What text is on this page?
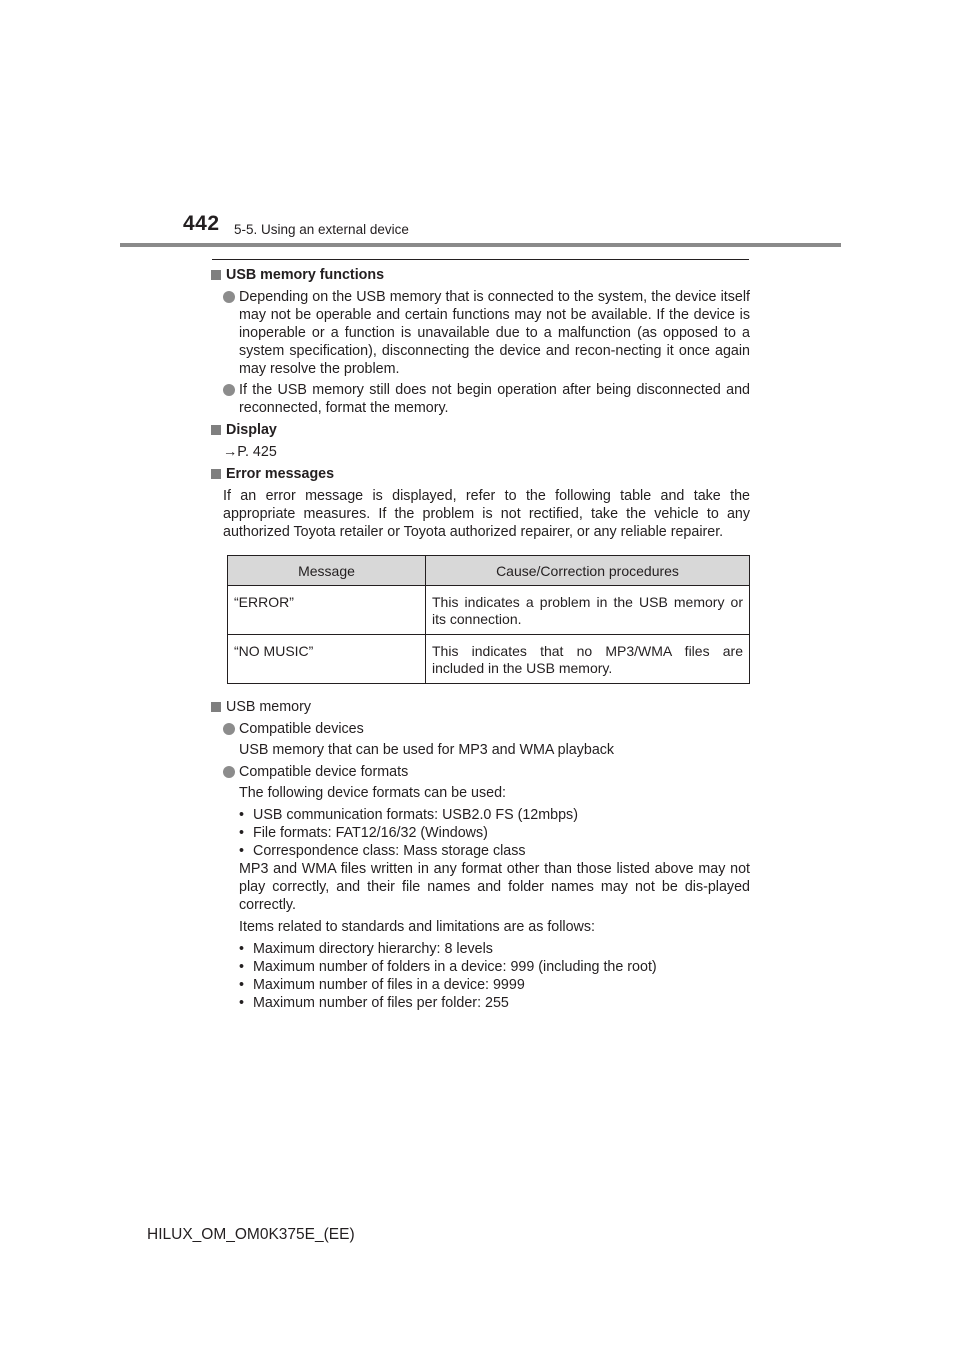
442 5-5. Using an external device
USB memory functions
Depending on the USB memory that is connected to the system, the device itself may not be operable and certain functions may not be available. If the device is inoperable or a function is unavailable due to a malfunction (as opposed to a system specification), disconnecting the device and recon-necting it once again may resolve the problem.
If the USB memory still does not begin operation after being disconnected and reconnected, format the memory.
Display
→P. 425
Error messages
If an error message is displayed, refer to the following table and take the appropriate measures. If the problem is not rectified, take the vehicle to any authorized Toyota retailer or Toyota authorized repairer, or any reliable repairer.
Message	Cause/Correction procedures
“ERROR”	This indicates a problem in the USB memory or its connection.
“NO MUSIC”	This indicates that no MP3/WMA files are included in the USB memory.
USB memory
Compatible devices
USB memory that can be used for MP3 and WMA playback
Compatible device formats
The following device formats can be used:
• USB communication formats: USB2.0 FS (12mbps)
• File formats: FAT12/16/32 (Windows)
• Correspondence class: Mass storage class
MP3 and WMA files written in any format other than those listed above may not play correctly, and their file names and folder names may not be dis-played correctly.
Items related to standards and limitations are as follows:
• Maximum directory hierarchy: 8 levels
• Maximum number of folders in a device: 999 (including the root)
• Maximum number of files in a device: 9999
• Maximum number of files per folder: 255
HILUX_OM_OM0K375E_(EE)
